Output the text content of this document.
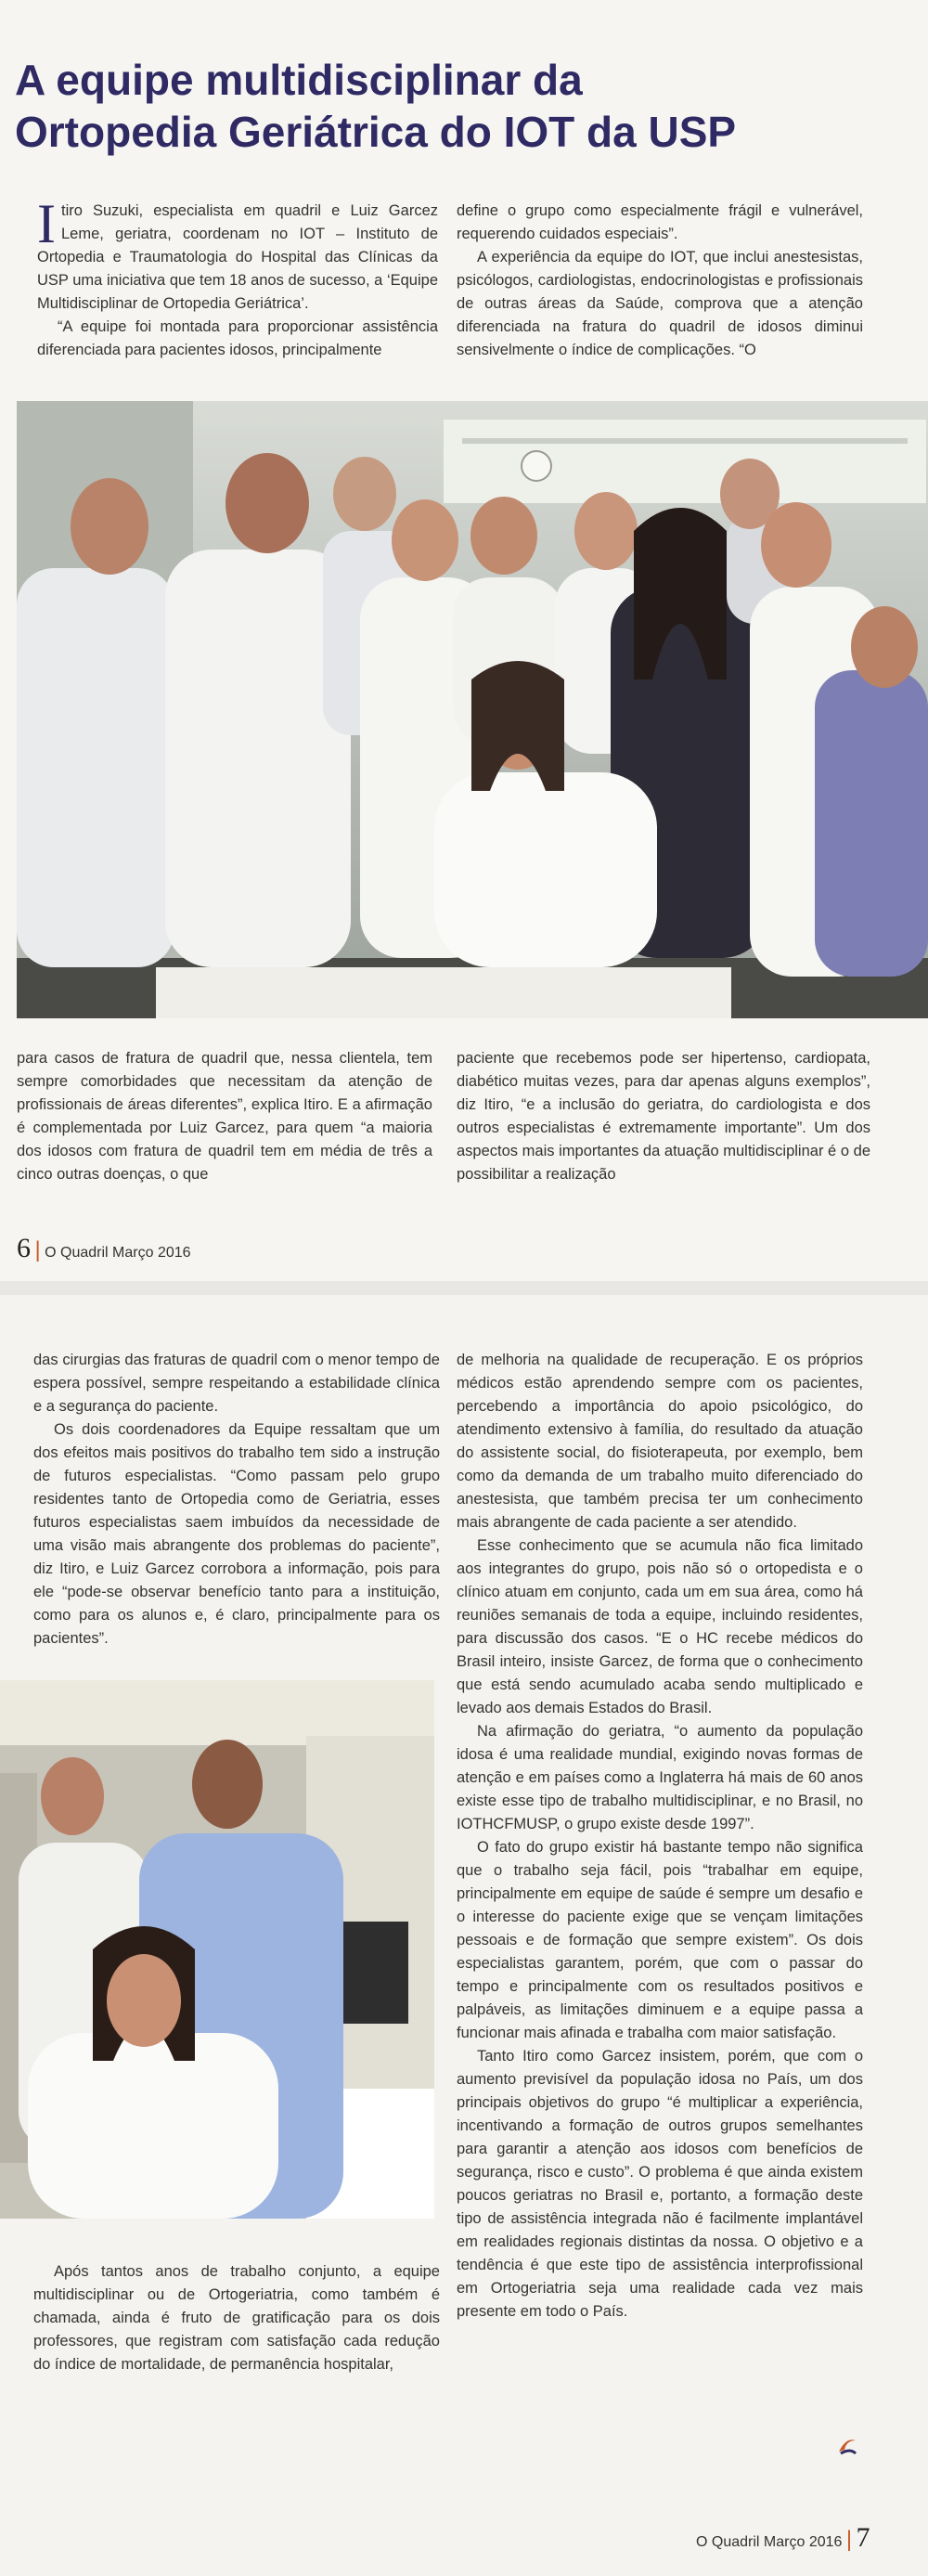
A equipe multidisciplinar da Ortopedia Geriátrica do IOT da USP

Itiro Suzuki, especialista em quadril e Luiz Garcez Leme, geriatra, coordenam no IOT – Instituto de Ortopedia e Traumatologia do Hospital das Clínicas da USP uma iniciativa que tem 18 anos de sucesso, a ‘Equipe Multidisciplinar de Ortopedia Geriátrica’.

“A equipe foi montada para proporcionar assistência diferenciada para pacientes idosos, principalmente

define o grupo como especialmente frágil e vulnerável, requerendo cuidados especiais”.

A experiência da equipe do IOT, que inclui anestesistas, psicólogos, cardiologistas, endocrinologistas e profissionais de outras áreas da Saúde, comprova que a atenção diferenciada na fratura do quadril de idosos diminui sensivelmente o índice de complicações. “O

para casos de fratura de quadril que, nessa clientela, tem sempre comorbidades que necessitam da atenção de profissionais de áreas diferentes”, explica Itiro. E a afirmação é complementada por Luiz Garcez, para quem “a maioria dos idosos com fratura de quadril tem em média de três a cinco outras doenças, o que

paciente que recebemos pode ser hipertenso, cardiopata, diabético muitas vezes, para dar apenas alguns exemplos”, diz Itiro, “e a inclusão do geriatra, do cardiologista e dos outros especialistas é extremamente importante”. Um dos aspectos mais importantes da atuação multidisciplinar é o de possibilitar a realização

6 | O Quadril Março 2016

das cirurgias das fraturas de quadril com o menor tempo de espera possível, sempre respeitando a estabilidade clínica e a segurança do paciente.

Os dois coordenadores da Equipe ressaltam que um dos efeitos mais positivos do trabalho tem sido a instrução de futuros especialistas. “Como passam pelo grupo residentes tanto de Ortopedia como de Geriatria, esses futuros especialistas saem imbuídos da necessidade de uma visão mais abrangente dos problemas do paciente”, diz Itiro, e Luiz Garcez corrobora a informação, pois para ele “pode-se observar benefício tanto para a instituição, como para os alunos e, é claro, principalmente para os pacientes”.

Após tantos anos de trabalho conjunto, a equipe multidisciplinar ou de Ortogeriatria, como também é chamada, ainda é fruto de gratificação para os dois professores, que registram com satisfação cada redução do índice de mortalidade, de permanência hospitalar,

de melhoria na qualidade de recuperação. E os próprios médicos estão aprendendo sempre com os pacientes, percebendo a importância do apoio psicológico, do atendimento extensivo à família, do resultado da atuação do assistente social, do fisioterapeuta, por exemplo, bem como da demanda de um trabalho muito diferenciado do anestesista, que também precisa ter um conhecimento mais abrangente de cada paciente a ser atendido.

Esse conhecimento que se acumula não fica limitado aos integrantes do grupo, pois não só o ortopedista e o clínico atuam em conjunto, cada um em sua área, como há reuniões semanais de toda a equipe, incluindo residentes, para discussão dos casos. “E o HC recebe médicos do Brasil inteiro, insiste Garcez, de forma que o conhecimento que está sendo acumulado acaba sendo multiplicado e levado aos demais Estados do Brasil.

Na afirmação do geriatra, “o aumento da população idosa é uma realidade mundial, exigindo novas formas de atenção e em países como a Inglaterra há mais de 60 anos existe esse tipo de trabalho multidisciplinar, e no Brasil, no IOTHCFMUSP, o grupo existe desde 1997”.

O fato do grupo existir há bastante tempo não significa que o trabalho seja fácil, pois “trabalhar em equipe, principalmente em equipe de saúde é sempre um desafio e o interesse do paciente exige que se vençam limitações pessoais e de formação que sempre existem”. Os dois especialistas garantem, porém, que com o passar do tempo e principalmente com os resultados positivos e palpáveis, as limitações diminuem e a equipe passa a funcionar mais afinada e trabalha com maior satisfação.

Tanto Itiro como Garcez insistem, porém, que com o aumento previsível da população idosa no País, um dos principais objetivos do grupo “é multiplicar a experiência, incentivando a formação de outros grupos semelhantes para garantir a atenção aos idosos com benefícios de segurança, risco e custo”. O problema é que ainda existem poucos geriatras no Brasil e, portanto, a formação deste tipo de assistência integrada não é facilmente implantável em realidades regionais distintas da nossa. O objetivo e a tendência é que este tipo de assistência interprofissional em Ortogeriatria seja uma realidade cada vez mais presente em todo o País.

O Quadril Março 2016 | 7
